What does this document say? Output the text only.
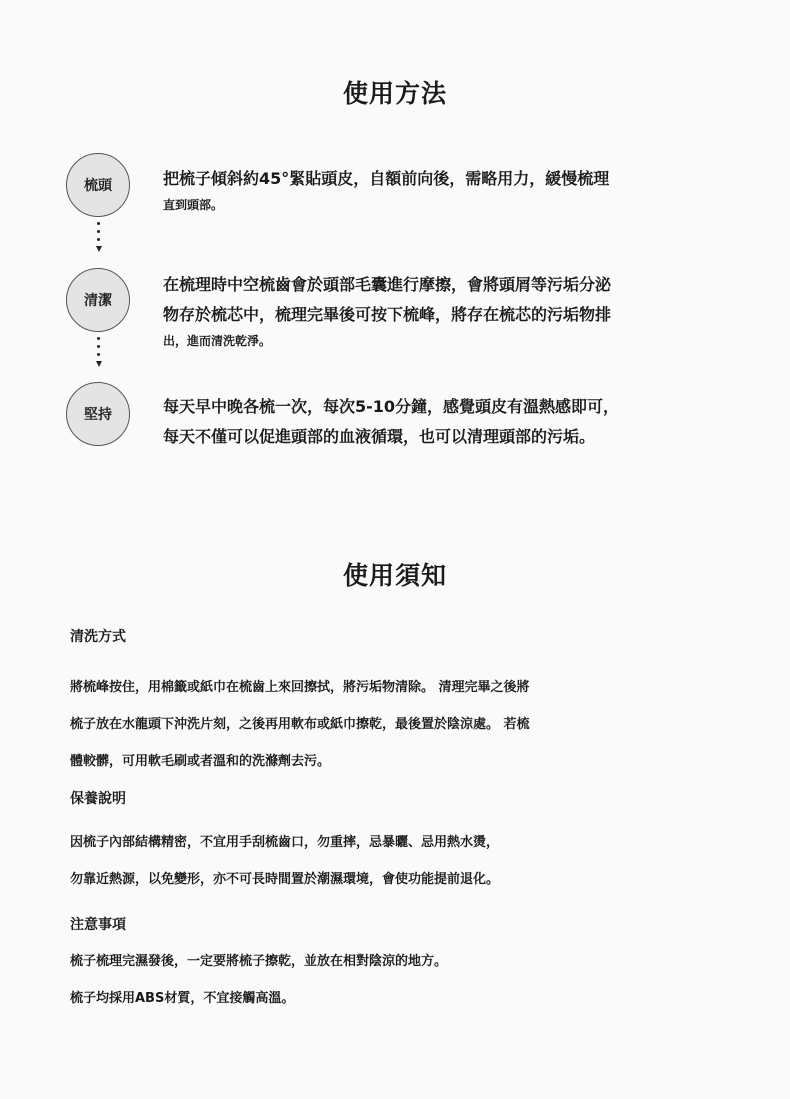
使用方法
梳頭	把梳子傾斜約45°緊貼頭皮，自額前向後，需略用力，緩慢梳理
直到頭部。
清潔
在梳理時中空梳齒會於頭部毛囊進行摩擦，會將頭屑等污垢分泌
物存於梳芯中，梳理完畢後可按下梳峰，將存在梳芯的污垢物排
出，進而清洗乾淨。
堅持	每天早中晚各梳一次，每次5-10分鐘，感覺頭皮有溫熱感即可，
每天不僅可以促進頭部的血液循環，也可以清理頭部的污垢。
使用須知
清洗方式

將梳峰按住，用棉籤或紙巾在梳齒上來回擦拭，將污垢物清除。 清理完畢之後將

梳子放在水龍頭下沖洗片刻，之後再用軟布或紙巾擦乾，最後置於陰涼處。 若梳

體較髒，可用軟毛刷或者溫和的洗滌劑去污。

保養說明

因梳子內部結構精密，不宜用手刮梳齒口，勿重摔，忌暴曬、忌用熱水燙，

勿靠近熱源，以免變形，亦不可長時間置於潮濕環境，會使功能提前退化。

注意事項

梳子梳理完濕發後，一定要將梳子擦乾，並放在相對陰涼的地方。

梳子均採用ABS材質，不宜接觸高溫。
